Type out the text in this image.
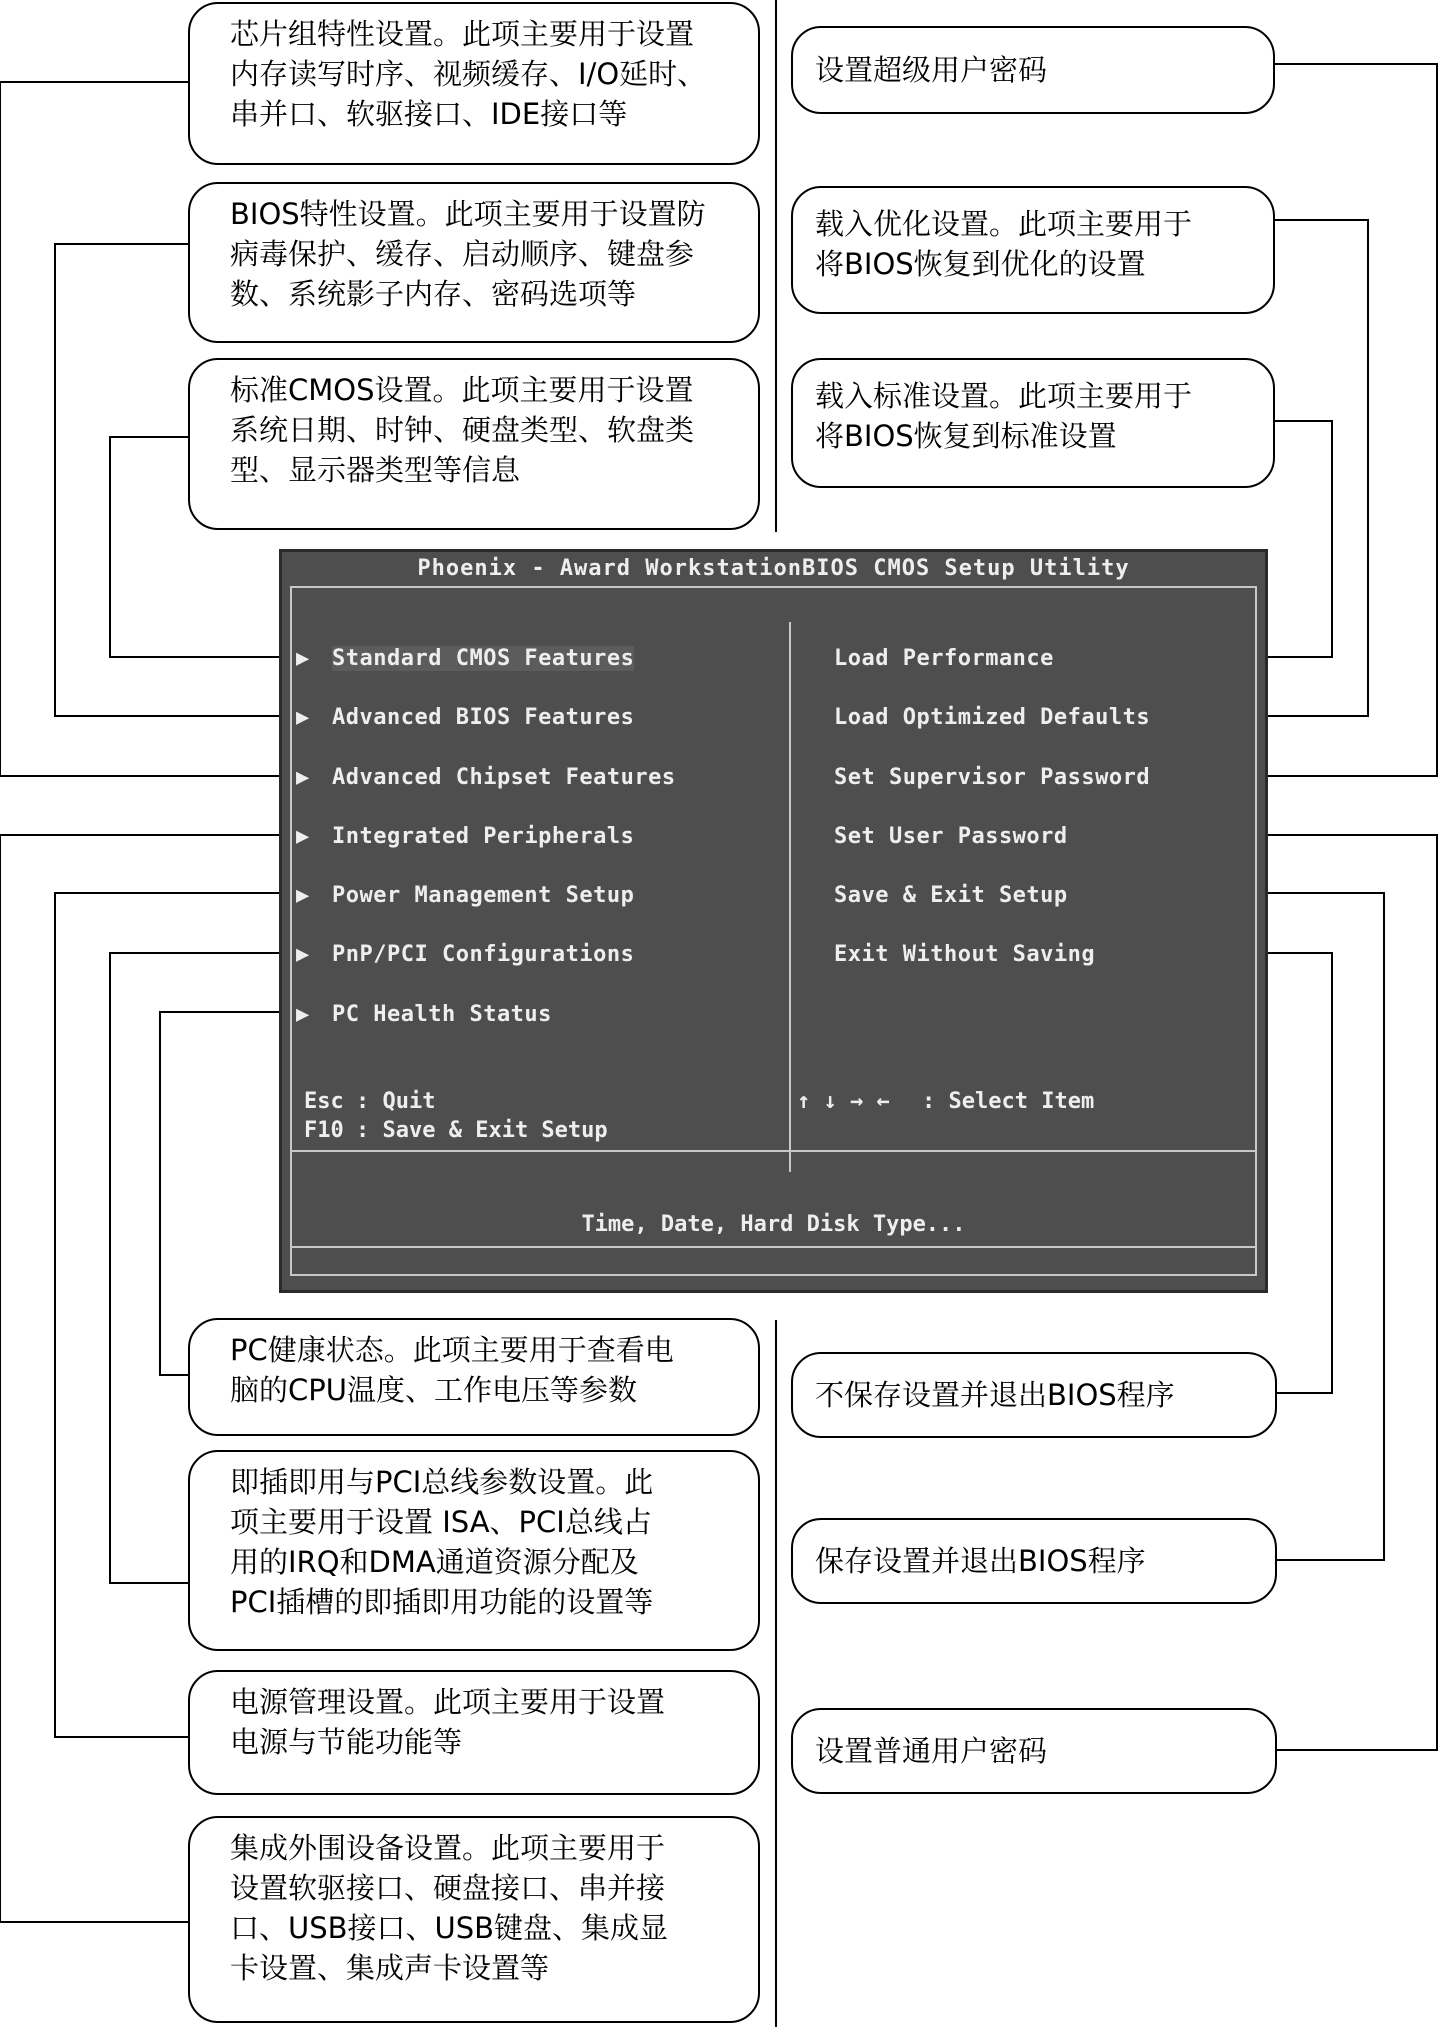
芯片组特性设置。此项主要用于设置
内存读写时序、视频缓存、I/O延时、
串并口、软驱接口、IDE接口等
BIOS特性设置。此项主要用于设置防
病毒保护、缓存、启动顺序、键盘参
数、系统影子内存、密码选项等
标准CMOS设置。此项主要用于设置
系统日期、时钟、硬盘类型、软盘类
型、显示器类型等信息
PC健康状态。此项主要用于查看电
脑的CPU温度、工作电压等参数
即插即用与PCI总线参数设置。此
项主要用于设置 ISA、PCI总线占
用的IRQ和DMA通道资源分配及
PCI插槽的即插即用功能的设置等
电源管理设置。此项主要用于设置
电源与节能功能等
集成外围设备设置。此项主要用于
设置软驱接口、硬盘接口、串并接
口、USB接口、USB键盘、集成显
卡设置、集成声卡设置等
设置超级用户密码
载入优化设置。此项主要用于
将BIOS恢复到优化的设置
载入标准设置。此项主要用于
将BIOS恢复到标准设置
不保存设置并退出BIOS程序
保存设置并退出BIOS程序
设置普通用户密码
Phoenix - Award WorkstationBIOS CMOS Setup Utility
▶ Standard CMOS Features
▶ Advanced BIOS Features
▶ Advanced Chipset Features
▶ Integrated Peripherals
▶ Power Management Setup
▶ PnP/PCI Configurations
▶ PC Health Status
Load Performance
Load Optimized Defaults
Set Supervisor Password
Set User Password
Save & Exit Setup
Exit Without Saving
Esc : Quit
F10 : Save & Exit Setup
↑ ↓ → ← : Select Item
Time, Date, Hard Disk Type...
